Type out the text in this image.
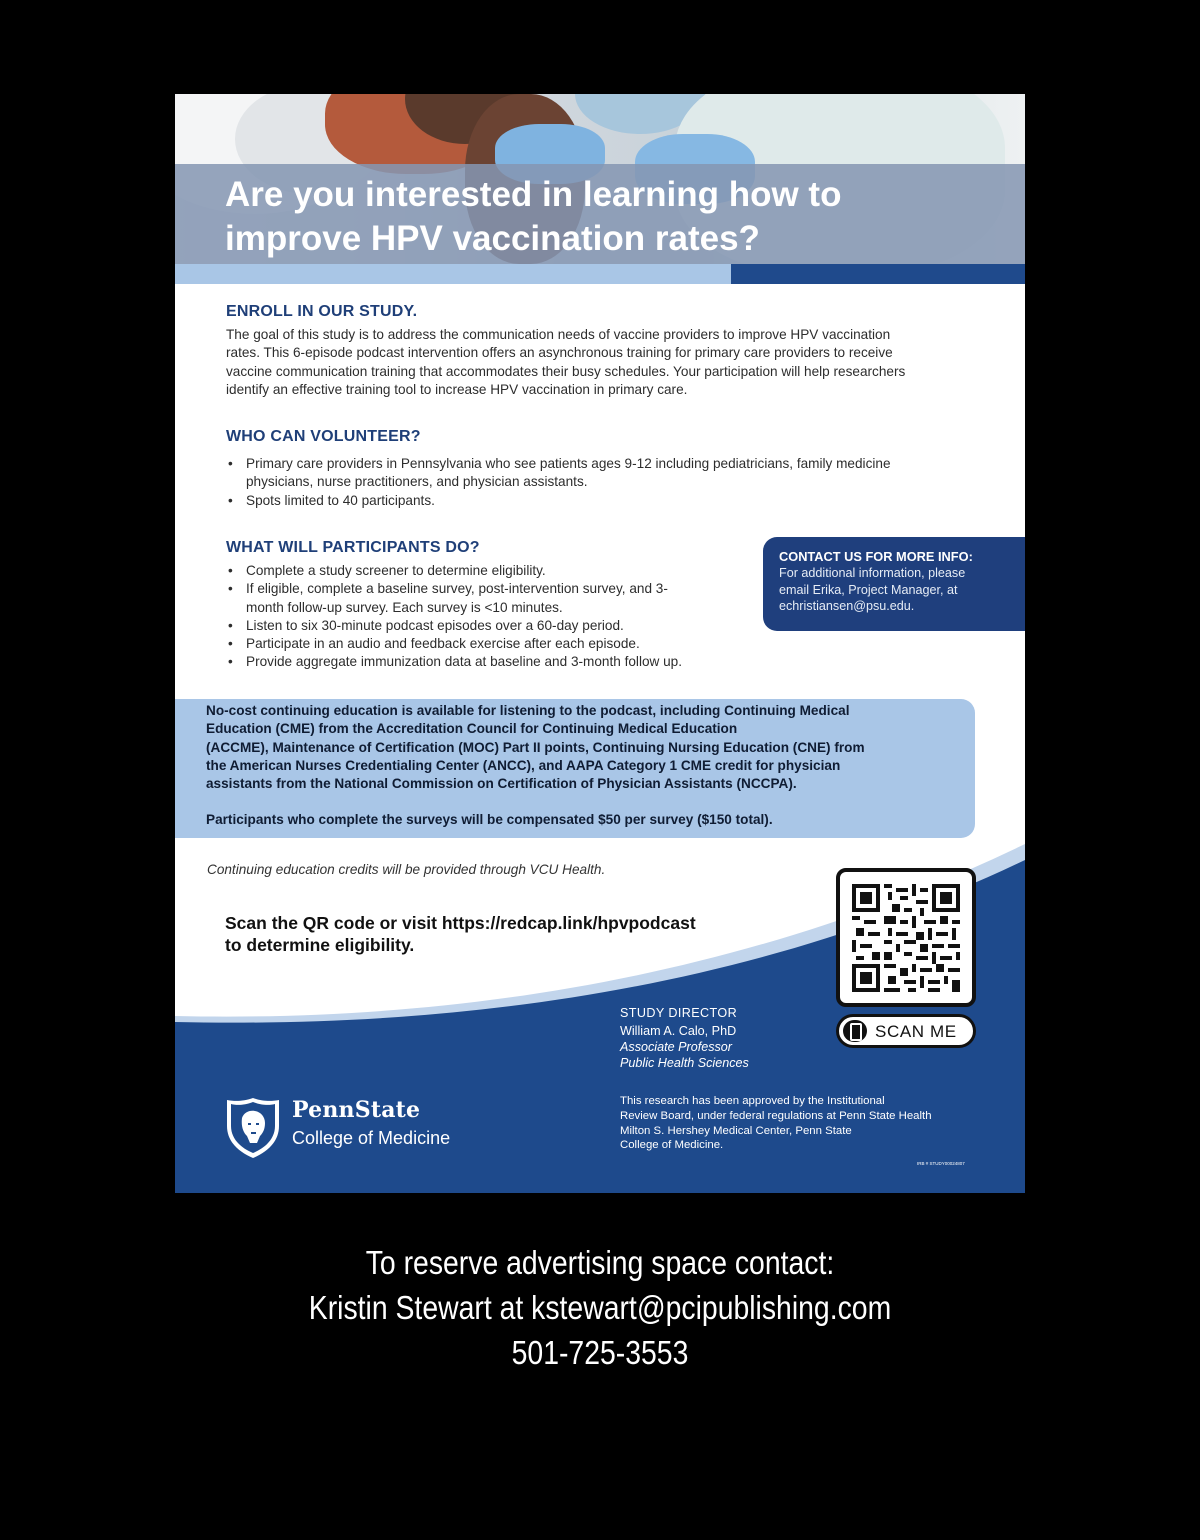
Are you interested in learning how to
improve HPV vaccination rates?
ENROLL IN OUR STUDY.

The goal of this study is to address the communication needs of vaccine providers to improve HPV vaccination
rates. This 6-episode podcast intervention offers an asynchronous training for primary care providers to receive
vaccine communication training that accommodates their busy schedules. Your participation will help researchers
identify an effective training tool to increase HPV vaccination in primary care.

WHO CAN VOLUNTEER?
• Primary care providers in Pennsylvania who see patients ages 9-12 including pediatricians, family medicine
physicians, nurse practitioners, and physician assistants.
• Spots limited to 40 participants.
WHAT WILL PARTICIPANTS DO?
• Complete a study screener to determine eligibility.
• If eligible, complete a baseline survey, post-intervention survey, and 3-
month follow-up survey. Each survey is <10 minutes.
• Listen to six 30-minute podcast episodes over a 60-day period.
• Participate in an audio and feedback exercise after each episode.
• Provide aggregate immunization data at baseline and 3-month follow up.

CONTACT US FOR MORE INFO:

For additional information, please
email Erika, Project Manager, at
echristiansen@psu.edu.

No-cost continuing education is available for listening to the podcast, including Continuing Medical
Education (CME) from the Accreditation Council for Continuing Medical Education
(ACCME), Maintenance of Certification (MOC) Part II points, Continuing Nursing Education (CNE) from
the American Nurses Credentialing Center (ANCC), and AAPA Category 1 CME credit for physician
assistants from the National Commission on Certification of Physician Assistants (NCCPA).

Participants who complete the surveys will be compensated $50 per survey ($150 total).

Continuing education credits will be provided through VCU Health.

Scan the QR code or visit https://redcap.link/hpvpodcast
to determine eligibility.

SCAN ME

STUDY DIRECTOR

William A. Calo, PhD

Associate Professor

Public Health Sciences

This research has been approved by the Institutional
Review Board, under federal regulations at Penn State Health
Milton S. Hershey Medical Center, Penn State
College of Medicine.

IRB # STUDY00024807

PennState

College of Medicine

To reserve advertising space contact:

Kristin Stewart at kstewart@pcipublishing.com

501-725-3553
